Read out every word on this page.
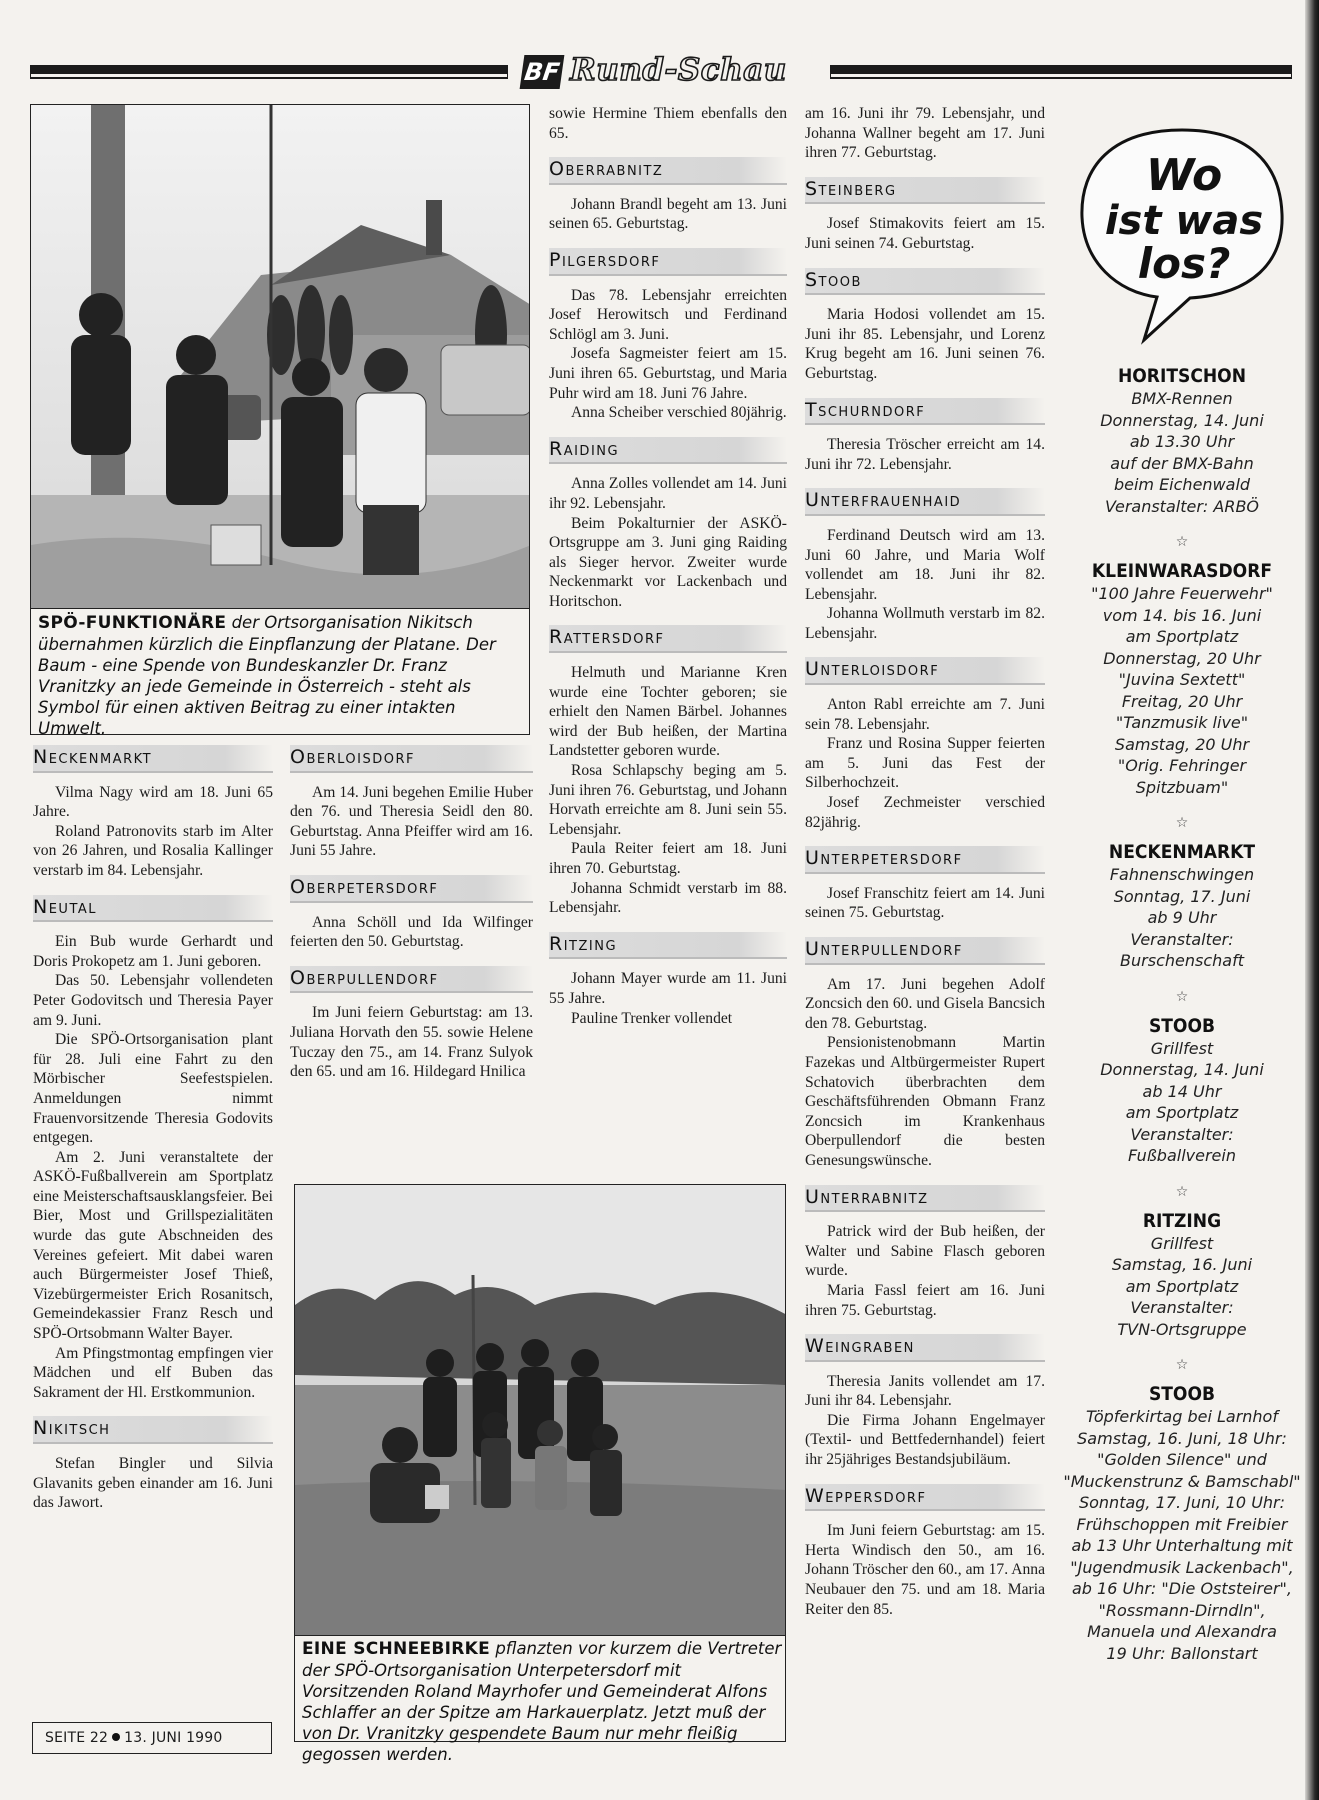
BF Rund-Schau
SPÖ-FUNKTIONÄRE der Ortsorganisation Nikitsch übernahmen kürzlich die Einpflanzung der Platane. Der Baum - eine Spende von Bundeskanzler Dr. Franz Vranitzky an jede Gemeinde in Österreich - steht als Symbol für einen aktiven Beitrag zu einer intakten Umwelt.
EINE SCHNEEBIRKE pflanzten vor kurzem die Vertreter der SPÖ-Ortsorganisation Unterpetersdorf mit Vorsitzenden Roland Mayrhofer und Gemeinderat Alfons Schlaffer an der Spitze am Harkauerplatz. Jetzt muß der von Dr. Vranitzky gespendete Baum nur mehr fleißig gegossen werden.
Neckenmarkt

Vilma Nagy wird am 18. Juni 65 Jahre.

Roland Patronovits starb im Alter von 26 Jahren, und Rosalia Kallinger verstarb im 84. Lebensjahr.

Neutal

Ein Bub wurde Gerhardt und Doris Prokopetz am 1. Juni geboren.

Das 50. Lebensjahr vollendeten Peter Godovitsch und Theresia Payer am 9. Juni.

Die SPÖ-Ortsorganisation plant für 28. Juli eine Fahrt zu den Mörbischer Seefestspielen. Anmeldungen nimmt Frauenvorsitzende Theresia Godovits entgegen.

Am 2. Juni veranstaltete der ASKÖ-Fußballverein am Sportplatz eine Meisterschaftsausklangsfeier. Bei Bier, Most und Grillspezialitäten wurde das gute Abschneiden des Vereines gefeiert. Mit dabei waren auch Bürgermeister Josef Thieß, Vizebürgermeister Erich Rosanitsch, Gemeindekassier Franz Resch und SPÖ-Ortsobmann Walter Bayer.

Am Pfingstmontag empfingen vier Mädchen und elf Buben das Sakrament der Hl. Erstkommunion.

Nikitsch

Stefan Bingler und Silvia Glavanits geben einander am 16. Juni das Jawort.

Oberloisdorf

Am 14. Juni begehen Emilie Huber den 76. und Theresia Seidl den 80. Geburtstag. Anna Pfeiffer wird am 16. Juni 55 Jahre.

Oberpetersdorf

Anna Schöll und Ida Wilfinger feierten den 50. Geburtstag.

Oberpullendorf

Im Juni feiern Geburtstag: am 13. Juliana Horvath den 55. sowie Helene Tuczay den 75., am 14. Franz Sulyok den 65. und am 16. Hildegard Hnilica

sowie Hermine Thiem ebenfalls den 65.

Oberrabnitz

Johann Brandl begeht am 13. Juni seinen 65. Geburtstag.

Pilgersdorf

Das 78. Lebensjahr erreichten Josef Herowitsch und Ferdinand Schlögl am 3. Juni.

Josefa Sagmeister feiert am 15. Juni ihren 65. Geburtstag, und Maria Puhr wird am 18. Juni 76 Jahre.

Anna Scheiber verschied 80jährig.

Raiding

Anna Zolles vollendet am 14. Juni ihr 92. Lebensjahr.

Beim Pokalturnier der ASKÖ-Ortsgruppe am 3. Juni ging Raiding als Sieger hervor. Zweiter wurde Neckenmarkt vor Lackenbach und Horitschon.

Rattersdorf

Helmuth und Marianne Kren wurde eine Tochter geboren; sie erhielt den Namen Bärbel. Johannes wird der Bub heißen, der Martina Landstetter geboren wurde.

Rosa Schlapschy beging am 5. Juni ihren 76. Geburtstag, und Johann Horvath erreichte am 8. Juni sein 55. Lebensjahr.

Paula Reiter feiert am 18. Juni ihren 70. Geburtstag.

Johanna Schmidt verstarb im 88. Lebensjahr.

Ritzing

Johann Mayer wurde am 11. Juni 55 Jahre.

Pauline Trenker vollendet

am 16. Juni ihr 79. Lebensjahr, und Johanna Wallner begeht am 17. Juni ihren 77. Geburtstag.

Steinberg

Josef Stimakovits feiert am 15. Juni seinen 74. Geburtstag.

Stoob

Maria Hodosi vollendet am 15. Juni ihr 85. Lebensjahr, und Lorenz Krug begeht am 16. Juni seinen 76. Geburtstag.

Tschurndorf

Theresia Tröscher erreicht am 14. Juni ihr 72. Lebensjahr.

Unterfrauenhaid

Ferdinand Deutsch wird am 13. Juni 60 Jahre, und Maria Wolf vollendet am 18. Juni ihr 82. Lebensjahr.

Johanna Wollmuth verstarb im 82. Lebensjahr.

Unterloisdorf

Anton Rabl erreichte am 7. Juni sein 78. Lebensjahr.

Franz und Rosina Supper feierten am 5. Juni das Fest der Silberhochzeit.

Josef Zechmeister verschied 82jährig.

Unterpetersdorf

Josef Franschitz feiert am 14. Juni seinen 75. Geburtstag.

Unterpullendorf

Am 17. Juni begehen Adolf Zoncsich den 60. und Gisela Bancsich den 78. Geburtstag.

Pensionistenobmann Martin Fazekas und Altbürgermeister Rupert Schatovich überbrachten dem Geschäftsführenden Obmann Franz Zoncsich im Krankenhaus Oberpullendorf die besten Genesungswünsche.

Unterrabnitz

Patrick wird der Bub heißen, der Walter und Sabine Flasch geboren wurde.

Maria Fassl feiert am 16. Juni ihren 75. Geburtstag.

Weingraben

Theresia Janits vollendet am 17. Juni ihr 84. Lebensjahr.

Die Firma Johann Engelmayer (Textil- und Bettfedernhandel) feiert ihr 25jähriges Bestandsjubiläum.

Weppersdorf

Im Juni feiern Geburtstag: am 15. Herta Windisch den 50., am 16. Johann Tröscher den 60., am 17. Anna Neubauer den 75. und am 18. Maria Reiter den 85.

SEITE 22 13. JUNI 1990
Wo
ist was
los?
HORITSCHON
BMX-Rennen
Donnerstag, 14. Juni
ab 13.30 Uhr
auf der BMX-Bahn
beim Eichenwald
Veranstalter: ARBÖ
☆
KLEINWARASDORF
"100 Jahre Feuerwehr"
vom 14. bis 16. Juni
am Sportplatz
Donnerstag, 20 Uhr
"Juvina Sextett"
Freitag, 20 Uhr
"Tanzmusik live"
Samstag, 20 Uhr
"Orig. Fehringer
Spitzbuam"
☆
NECKENMARKT
Fahnenschwingen
Sonntag, 17. Juni
ab 9 Uhr
Veranstalter:
Burschenschaft
☆
STOOB
Grillfest
Donnerstag, 14. Juni
ab 14 Uhr
am Sportplatz
Veranstalter:
Fußballverein
☆
RITZING
Grillfest
Samstag, 16. Juni
am Sportplatz
Veranstalter:
TVN-Ortsgruppe
☆
STOOB
Töpferkirtag bei Larnhof
Samstag, 16. Juni, 18 Uhr:
"Golden Silence" und
"Muckenstrunz & Bamschabl"
Sonntag, 17. Juni, 10 Uhr:
Frühschoppen mit Freibier
ab 13 Uhr Unterhaltung mit
"Jugendmusik Lackenbach",
ab 16 Uhr: "Die Oststeirer",
"Rossmann-Dirndln",
Manuela und Alexandra
19 Uhr: Ballonstart
